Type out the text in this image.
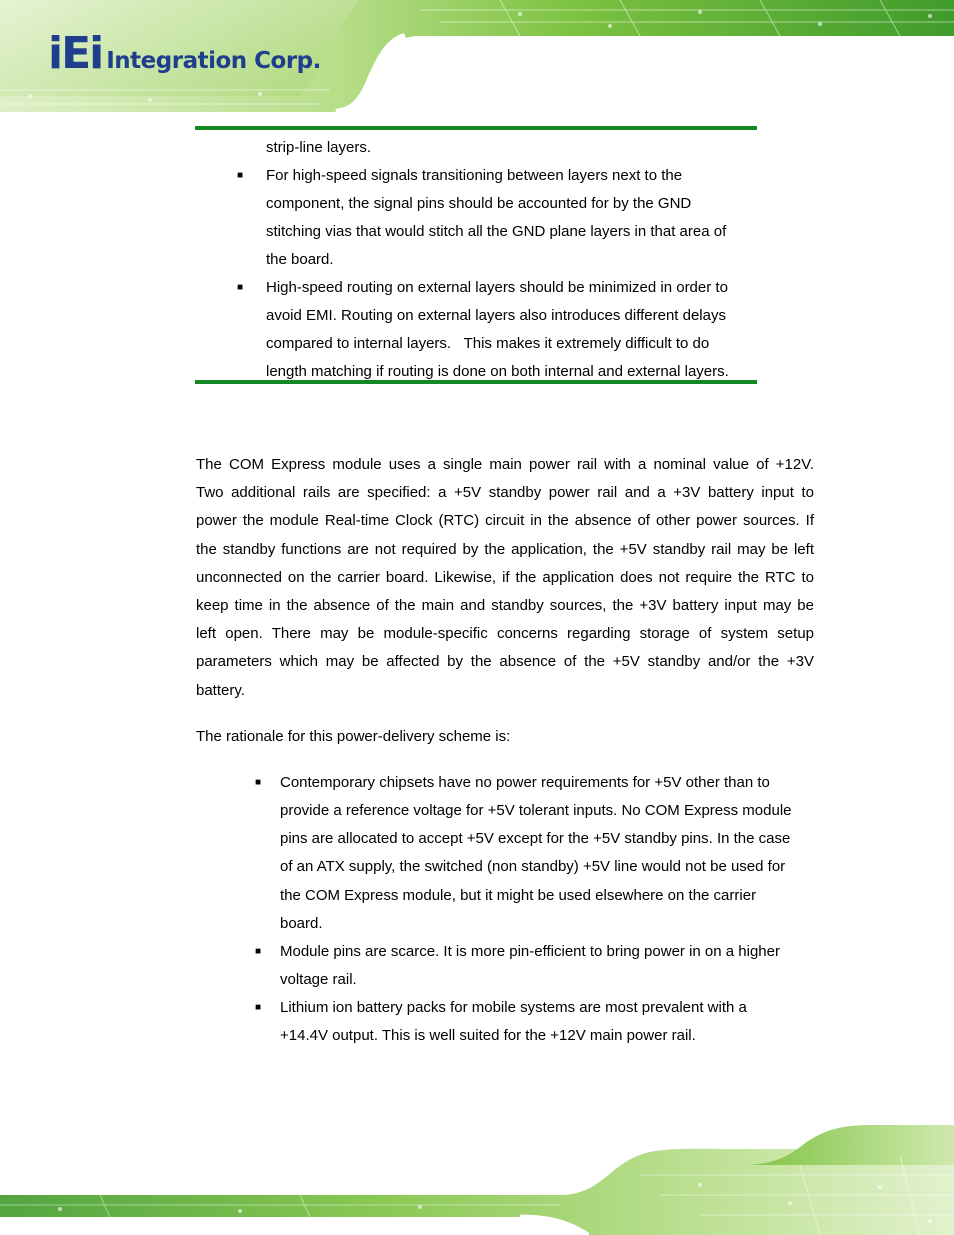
iEi Integration Corp.
strip-line layers.
■ For high-speed signals transitioning between layers next to the
component, the signal pins should be accounted for by the GND
stitching vias that would stitch all the GND plane layers in that area of
the board.
■ High-speed routing on external layers should be minimized in order to
avoid EMI. Routing on external layers also introduces different delays
compared to internal layers.   This makes it extremely difficult to do
length matching if routing is done on both internal and external layers.
The COM Express module uses a single main power rail with a nominal value of +12V.
Two additional rails are specified: a +5V standby power rail and a +3V battery input to
power the module Real-time Clock (RTC) circuit in the absence of other power sources. If
the standby functions are not required by the application, the +5V standby rail may be left
unconnected on the carrier board. Likewise, if the application does not require the RTC to
keep time in the absence of the main and standby sources, the +3V battery input may be
left open. There may be module-specific concerns regarding storage of system setup
parameters which may be affected by the absence of the +5V standby and/or the +3V
battery.
The rationale for this power-delivery scheme is:
■ Contemporary chipsets have no power requirements for +5V other than to
provide a reference voltage for +5V tolerant inputs. No COM Express module
pins are allocated to accept +5V except for the +5V standby pins. In the case
of an ATX supply, the switched (non standby) +5V line would not be used for
the COM Express module, but it might be used elsewhere on the carrier
board.
■ Module pins are scarce. It is more pin-efficient to bring power in on a higher
voltage rail.
■ Lithium ion battery packs for mobile systems are most prevalent with a
+14.4V output. This is well suited for the +12V main power rail.
